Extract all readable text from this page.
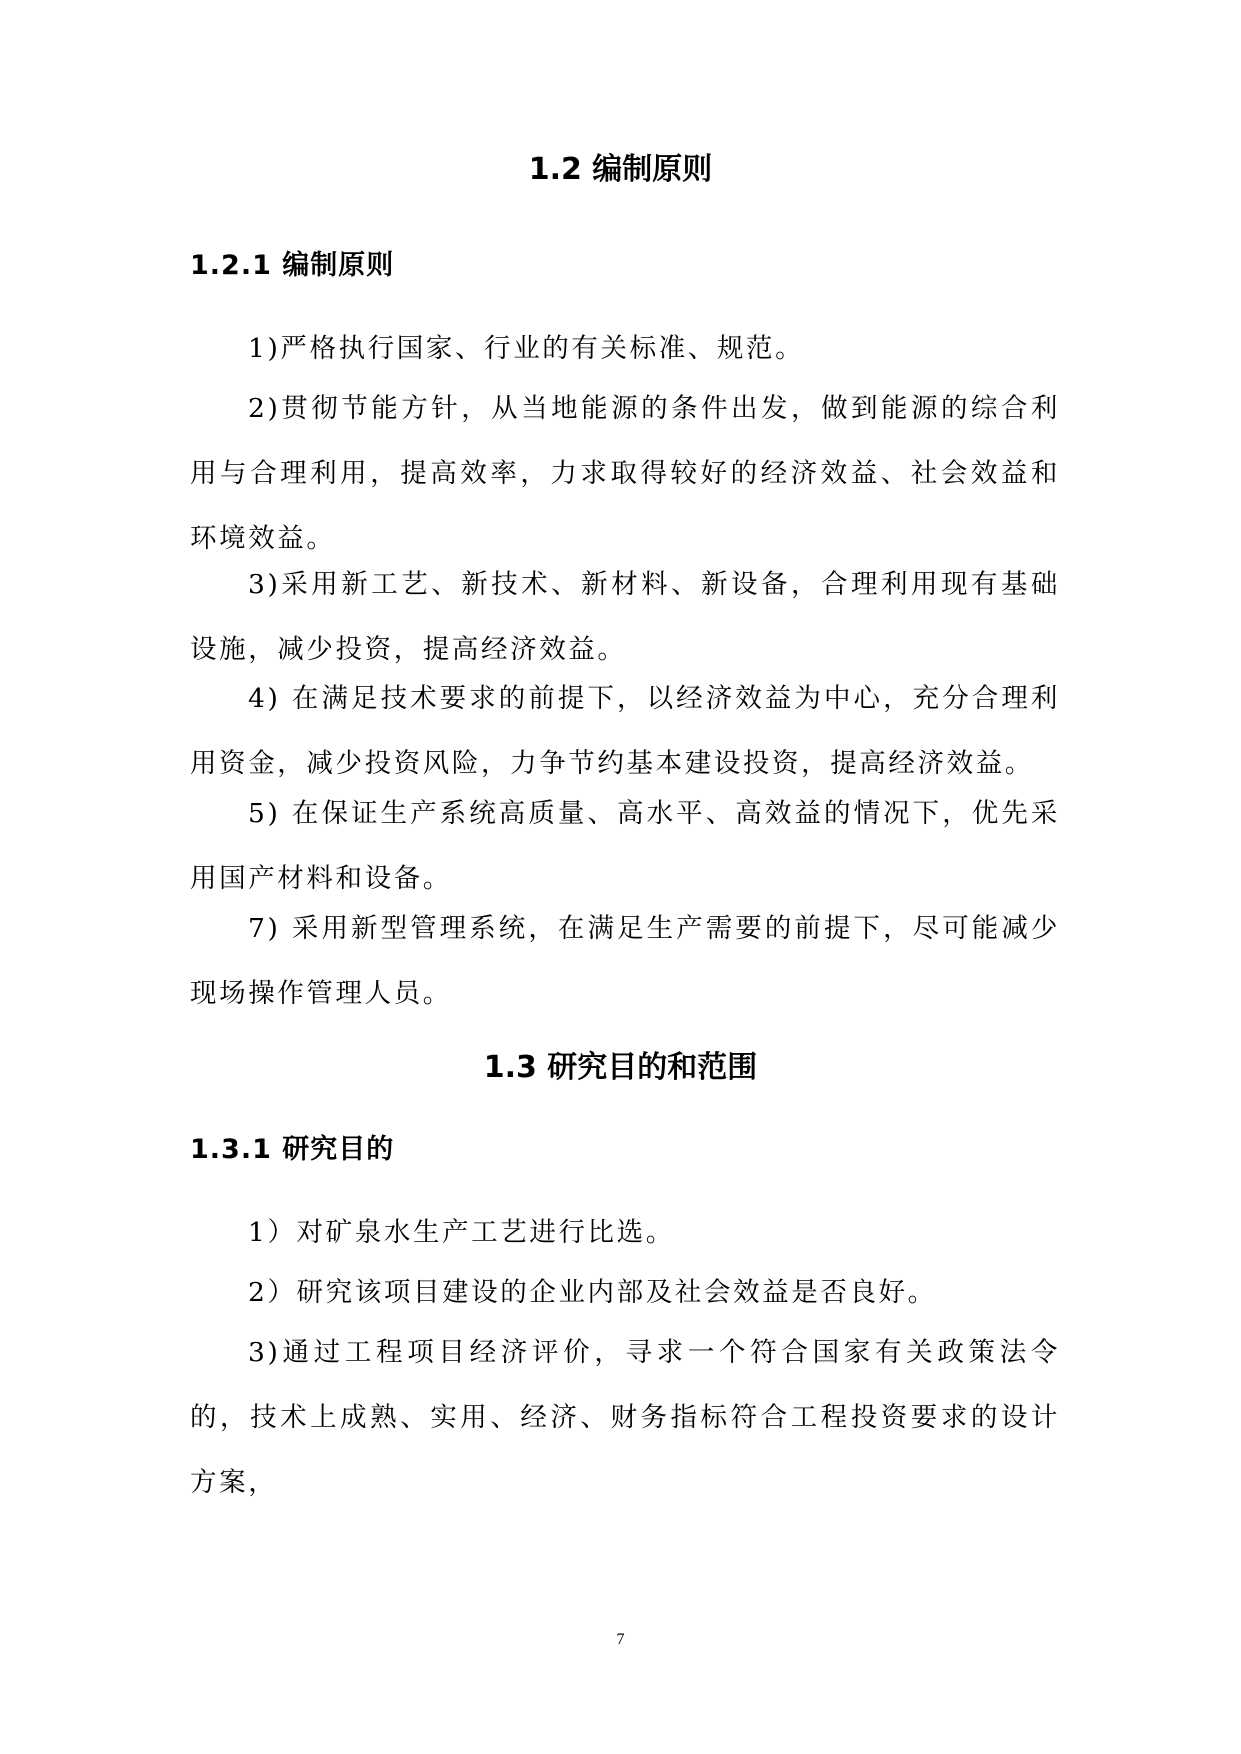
1.2 编制原则
1.2.1 编制原则

1)严格执行国家、行业的有关标准、规范。

2)贯彻节能方针，从当地能源的条件出发，做到能源的综合利用与合理利用，提高效率，力求取得较好的经济效益、社会效益和环境效益。

3)采用新工艺、新技术、新材料、新设备，合理利用现有基础设施，减少投资，提高经济效益。

4) 在满足技术要求的前提下，以经济效益为中心，充分合理利用资金，减少投资风险，力争节约基本建设投资，提高经济效益。

5) 在保证生产系统高质量、高水平、高效益的情况下，优先采用国产材料和设备。

7) 采用新型管理系统，在满足生产需要的前提下，尽可能减少现场操作管理人员。

1.3 研究目的和范围
1.3.1 研究目的

1）对矿泉水生产工艺进行比选。

2）研究该项目建设的企业内部及社会效益是否良好。

3)通过工程项目经济评价，寻求一个符合国家有关政策法令的，技术上成熟、实用、经济、财务指标符合工程投资要求的设计方案，

7
